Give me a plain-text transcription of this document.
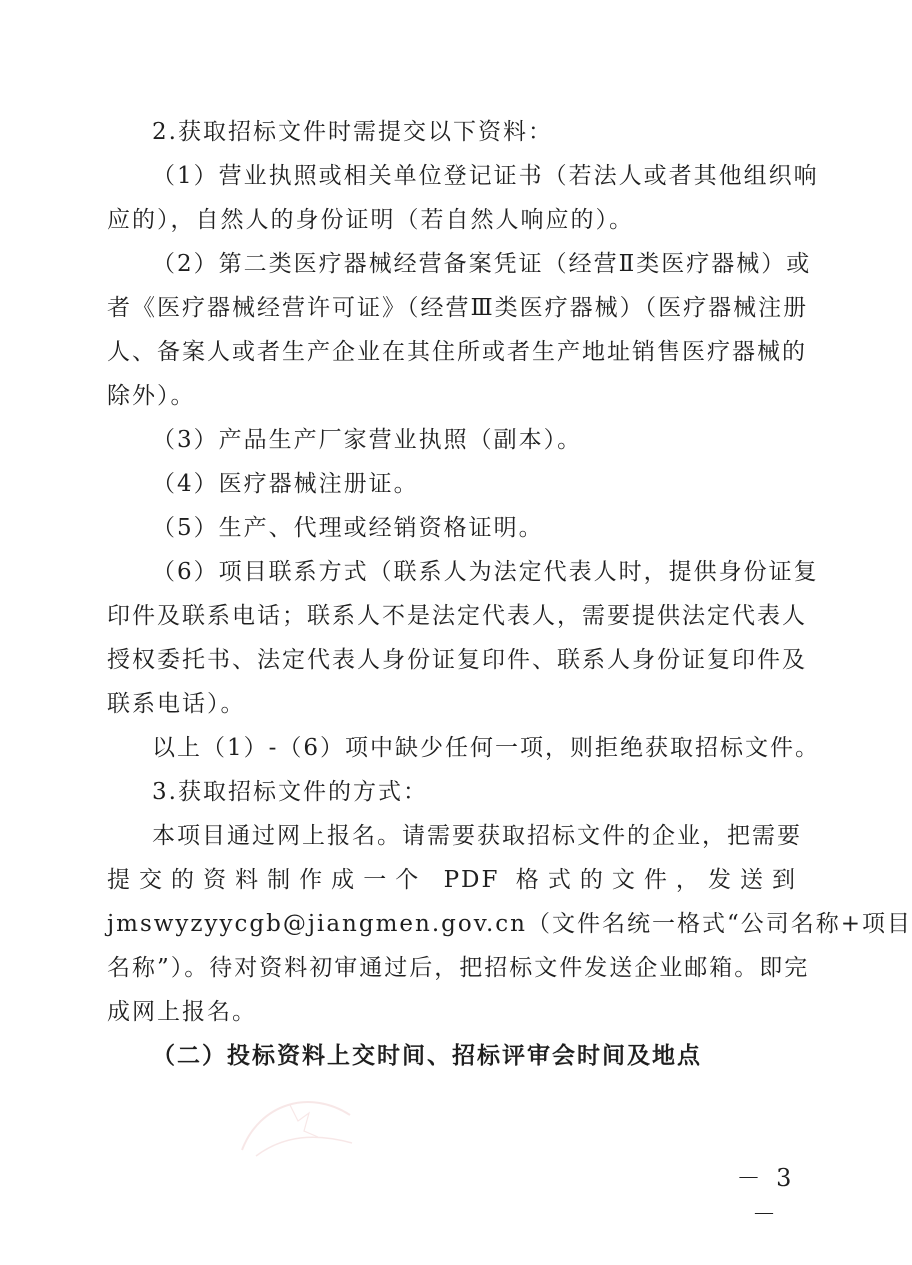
2.获取招标文件时需提交以下资料：
（1）营业执照或相关单位登记证书（若法人或者其他组织响
应的），自然人的身份证明（若自然人响应的）。
（2）第二类医疗器械经营备案凭证（经营Ⅱ类医疗器械）或
者《医疗器械经营许可证》（经营Ⅲ类医疗器械）（医疗器械注册
人、备案人或者生产企业在其住所或者生产地址销售医疗器械的
除外）。
（3）产品生产厂家营业执照（副本）。
（4）医疗器械注册证。
（5）生产、代理或经销资格证明。
（6）项目联系方式（联系人为法定代表人时，提供身份证复
印件及联系电话；联系人不是法定代表人，需要提供法定代表人
授权委托书、法定代表人身份证复印件、联系人身份证复印件及
联系电话）。
以上（1）-（6）项中缺少任何一项，则拒绝获取招标文件。
3.获取招标文件的方式：
本项目通过网上报名。请需要获取招标文件的企业，把需要
提交的资料制作成一个 PDF 格式的文件，发送到
jmswyzyycgb@jiangmen.gov.cn（文件名统一格式“公司名称+项目
名称”）。待对资料初审通过后，把招标文件发送企业邮箱。即完
成网上报名。
（二）投标资料上交时间、招标评审会时间及地点
－ 3 －
